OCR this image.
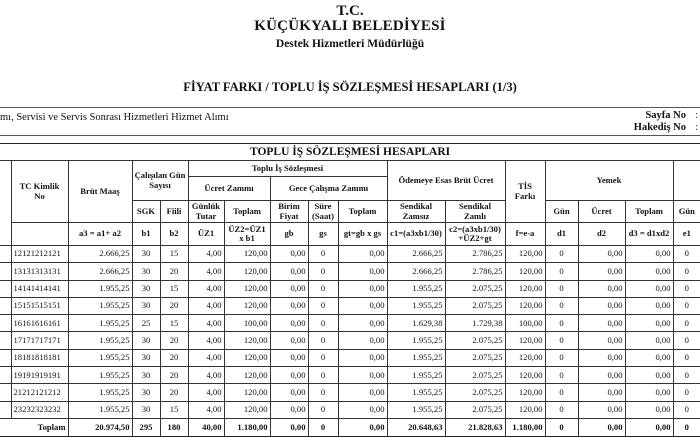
T.C.
KÜÇÜKYALI BELEDİYESİ
Destek Hizmetleri Müdürlüğü
FİYAT FARKI / TOPLU İŞ SÖZLEŞMESİ HESAPLARI (1/3)
mı, Servisi ve Servis Sonrası Hizmetleri Hizmet Alımı	Sayfa No
Hakediş No
:
:
TOPLU İŞ SÖZLEŞMESİ HESAPLARI																
	TC Kimlik No	Brüt Maaş	Çalışılan Gün Sayısı		Toplu İş Sözleşmesi					Ödemeye Esas Brüt Ücret		TİS Farkı	Yemek			
					Ücret Zammı		Gece Çalışma Zammı									
			SGK	Fiili	Günlük Tutar	Toplam	Birim Fiyat	Süre (Saat)	Toplam	Sendikal Zamsız	Sendikal Zamlı		Gün	Ücret	Toplam	Gün
		a3 = a1+ a2	b1	b2	ÜZ1	ÜZ2=ÜZ1 x b1	gb	gs	gt=gb x gs	c1=(a3xb1/30)	c2=(a3xb1/30) +ÜZ2+gt	f=e-a	d1	d2	d3 = d1xd2	e1
	12121212121	2.666,25	30	15	4,00	120,00	0,00	0	0,00	2.666,25	2.786,25	120,00	0	0,00	0,00	0
	13131313131	2.666,25	30	20	4,00	120,00	0,00	0	0,00	2.666,25	2.786,25	120,00	0	0,00	0,00	0
	14141414141	1.955,25	30	15	4,00	120,00	0,00	0	0,00	1.955,25	2.075,25	120,00	0	0,00	0,00	0
	15151515151	1.955,25	30	20	4,00	120,00	0,00	0	0,00	1.955,25	2.075,25	120,00	0	0,00	0,00	0
	16161616161	1.955,25	25	15	4,00	100,00	0,00	0	0,00	1.629,38	1.729,38	100,00	0	0,00	0,00	0
	17171717171	1.955,25	30	20	4,00	120,00	0,00	0	0,00	1.955,25	2.075,25	120,00	0	0,00	0,00	0
	18181818181	1.955,25	30	20	4,00	120,00	0,00	0	0,00	1.955,25	2.075,25	120,00	0	0,00	0,00	0
	19191919191	1.955,25	30	20	4,00	120,00	0,00	0	0,00	1.955,25	2.075,25	120,00	0	0,00	0,00	0
	21212121212	1.955,25	30	20	4,00	120,00	0,00	0	0,00	1.955,25	2.075,25	120,00	0	0,00	0,00	0
	23232323232	1.955,25	30	15	4,00	120,00	0,00	0	0,00	1.955,25	2.075,25	120,00	0	0,00	0,00	0
Toplam		20.974,50	295	180	40,00	1.180,00	0,00	0	0,00	20.648,63	21.828,63	1.180,00	0	0,00	0,00	0
